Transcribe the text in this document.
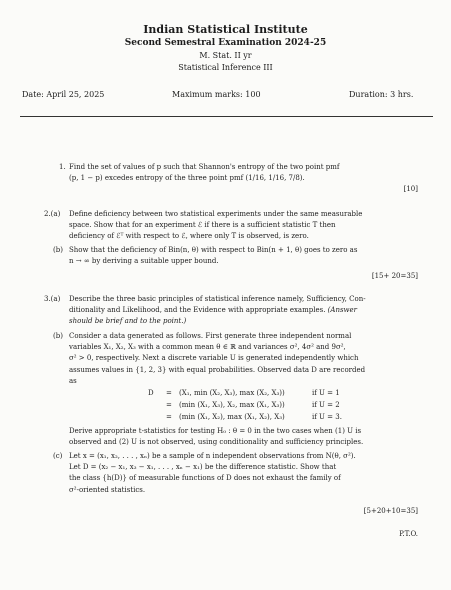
Indian Statistical Institute
Second Semestral Examination 2024-25
M. Stat. II yr
Statistical Inference III
Date: April 25, 2025	Maximum marks: 100	Duration: 3 hrs.
1. Find the set of values of p such that Shannon's entropy of the two point pmf
(p, 1 − p) excedes entropy of the three point pmf (1/16, 1/16, 7/8).
[10]
2.(a) Define deficiency between two statistical experiments under the same measurable
space. Show that for an experiment ℰ if there is a sufficient statistic T then
deficiency of ℰᵀ with respect to ℰ, where only T is observed, is zero.
(b) Show that the deficiency of Bin(n, θ) with respect to Bin(n + 1, θ) goes to zero as
n → ∞ by deriving a suitable upper bound.
[15+ 20=35]
3.(a) Describe the three basic principles of statistical inference namely, Sufficiency, Con-
ditionality and Likelihood, and the Evidence with appropriate examples. (Answer
should be brief and to the point.)
(b) Consider a data generated as follows. First generate three independent normal
variables X₁, X₂, X₃ with a common mean θ ∈ ℝ and variances σ², 4σ² and 9σ²,
σ² > 0, respectively. Next a discrete variable U is generated independently which
assumes values in {1, 2, 3} with equal probabilities. Observed data D are recorded
as
D = (X₁, min (X₂, X₃), max (X₂, X₃))	if U = 1
= (min (X₁, X₃), X₂, max (X₁, X₃))	if U = 2
= (min (X₁, X₂), max (X₁, X₂), X₃)	if U = 3.
Derive appropriate t-statistics for testing H₀ : θ = 0 in the two cases when (1) U is
observed and (2) U is not observed, using conditionality and sufficiency principles.
(c) Let x = (x₁, x₂, . . . , xₙ) be a sample of n independent observations from N(θ, σ²).
Let D = (x₂ − x₁, x₃ − x₁, . . . , xₙ − x₁) be the difference statistic. Show that
the class {h(D)} of measurable functions of D does not exhaust the family of
σ²-oriented statistics.
[5+20+10=35]
P.T.O.
